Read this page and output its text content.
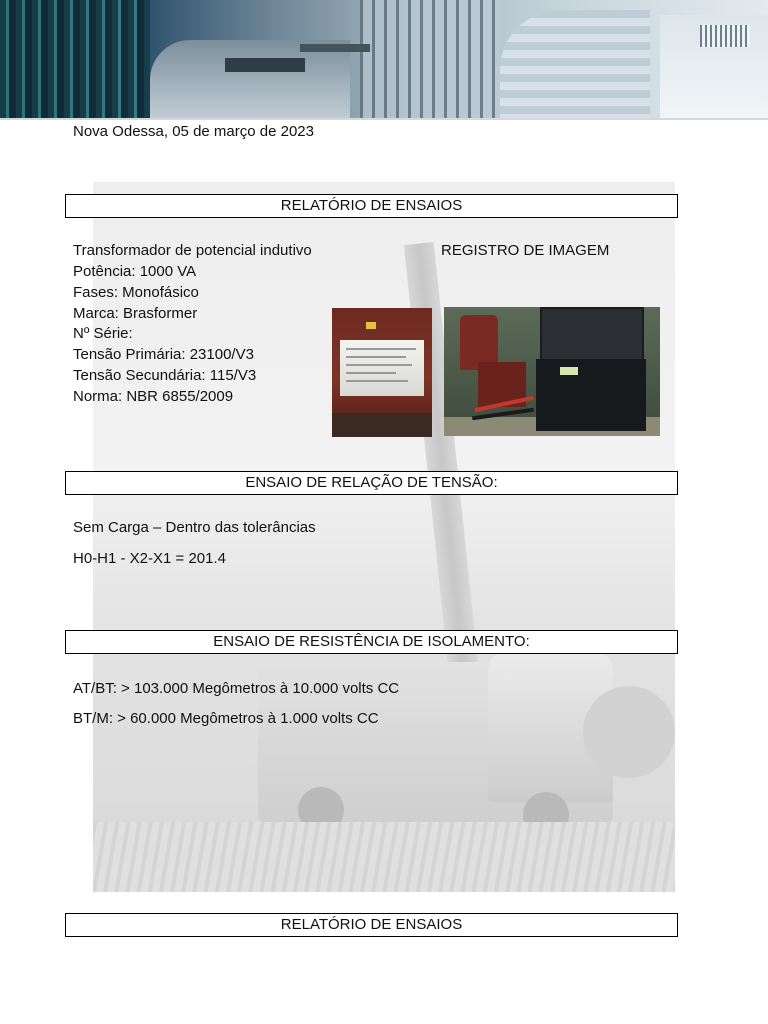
Nova Odessa, 05 de março de 2023
RELATÓRIO DE ENSAIOS
Transformador de potencial indutivo	REGISTRO DE IMAGEM
Potência: 1000 VA
Fases: Monofásico
Marca: Brasformer
Nº Série:
Tensão Primária: 23100/V3
Tensão Secundária: 115/V3
Norma: NBR 6855/2009
ENSAIO DE RELAÇÃO DE TENSÃO:
Sem Carga – Dentro das tolerâncias
H0-H1 - X2-X1 = 201.4
ENSAIO DE RESISTÊNCIA DE ISOLAMENTO:
AT/BT: > 103.000 Megômetros à 10.000 volts CC
BT/M: > 60.000 Megômetros à 1.000 volts CC
RELATÓRIO DE ENSAIOS
